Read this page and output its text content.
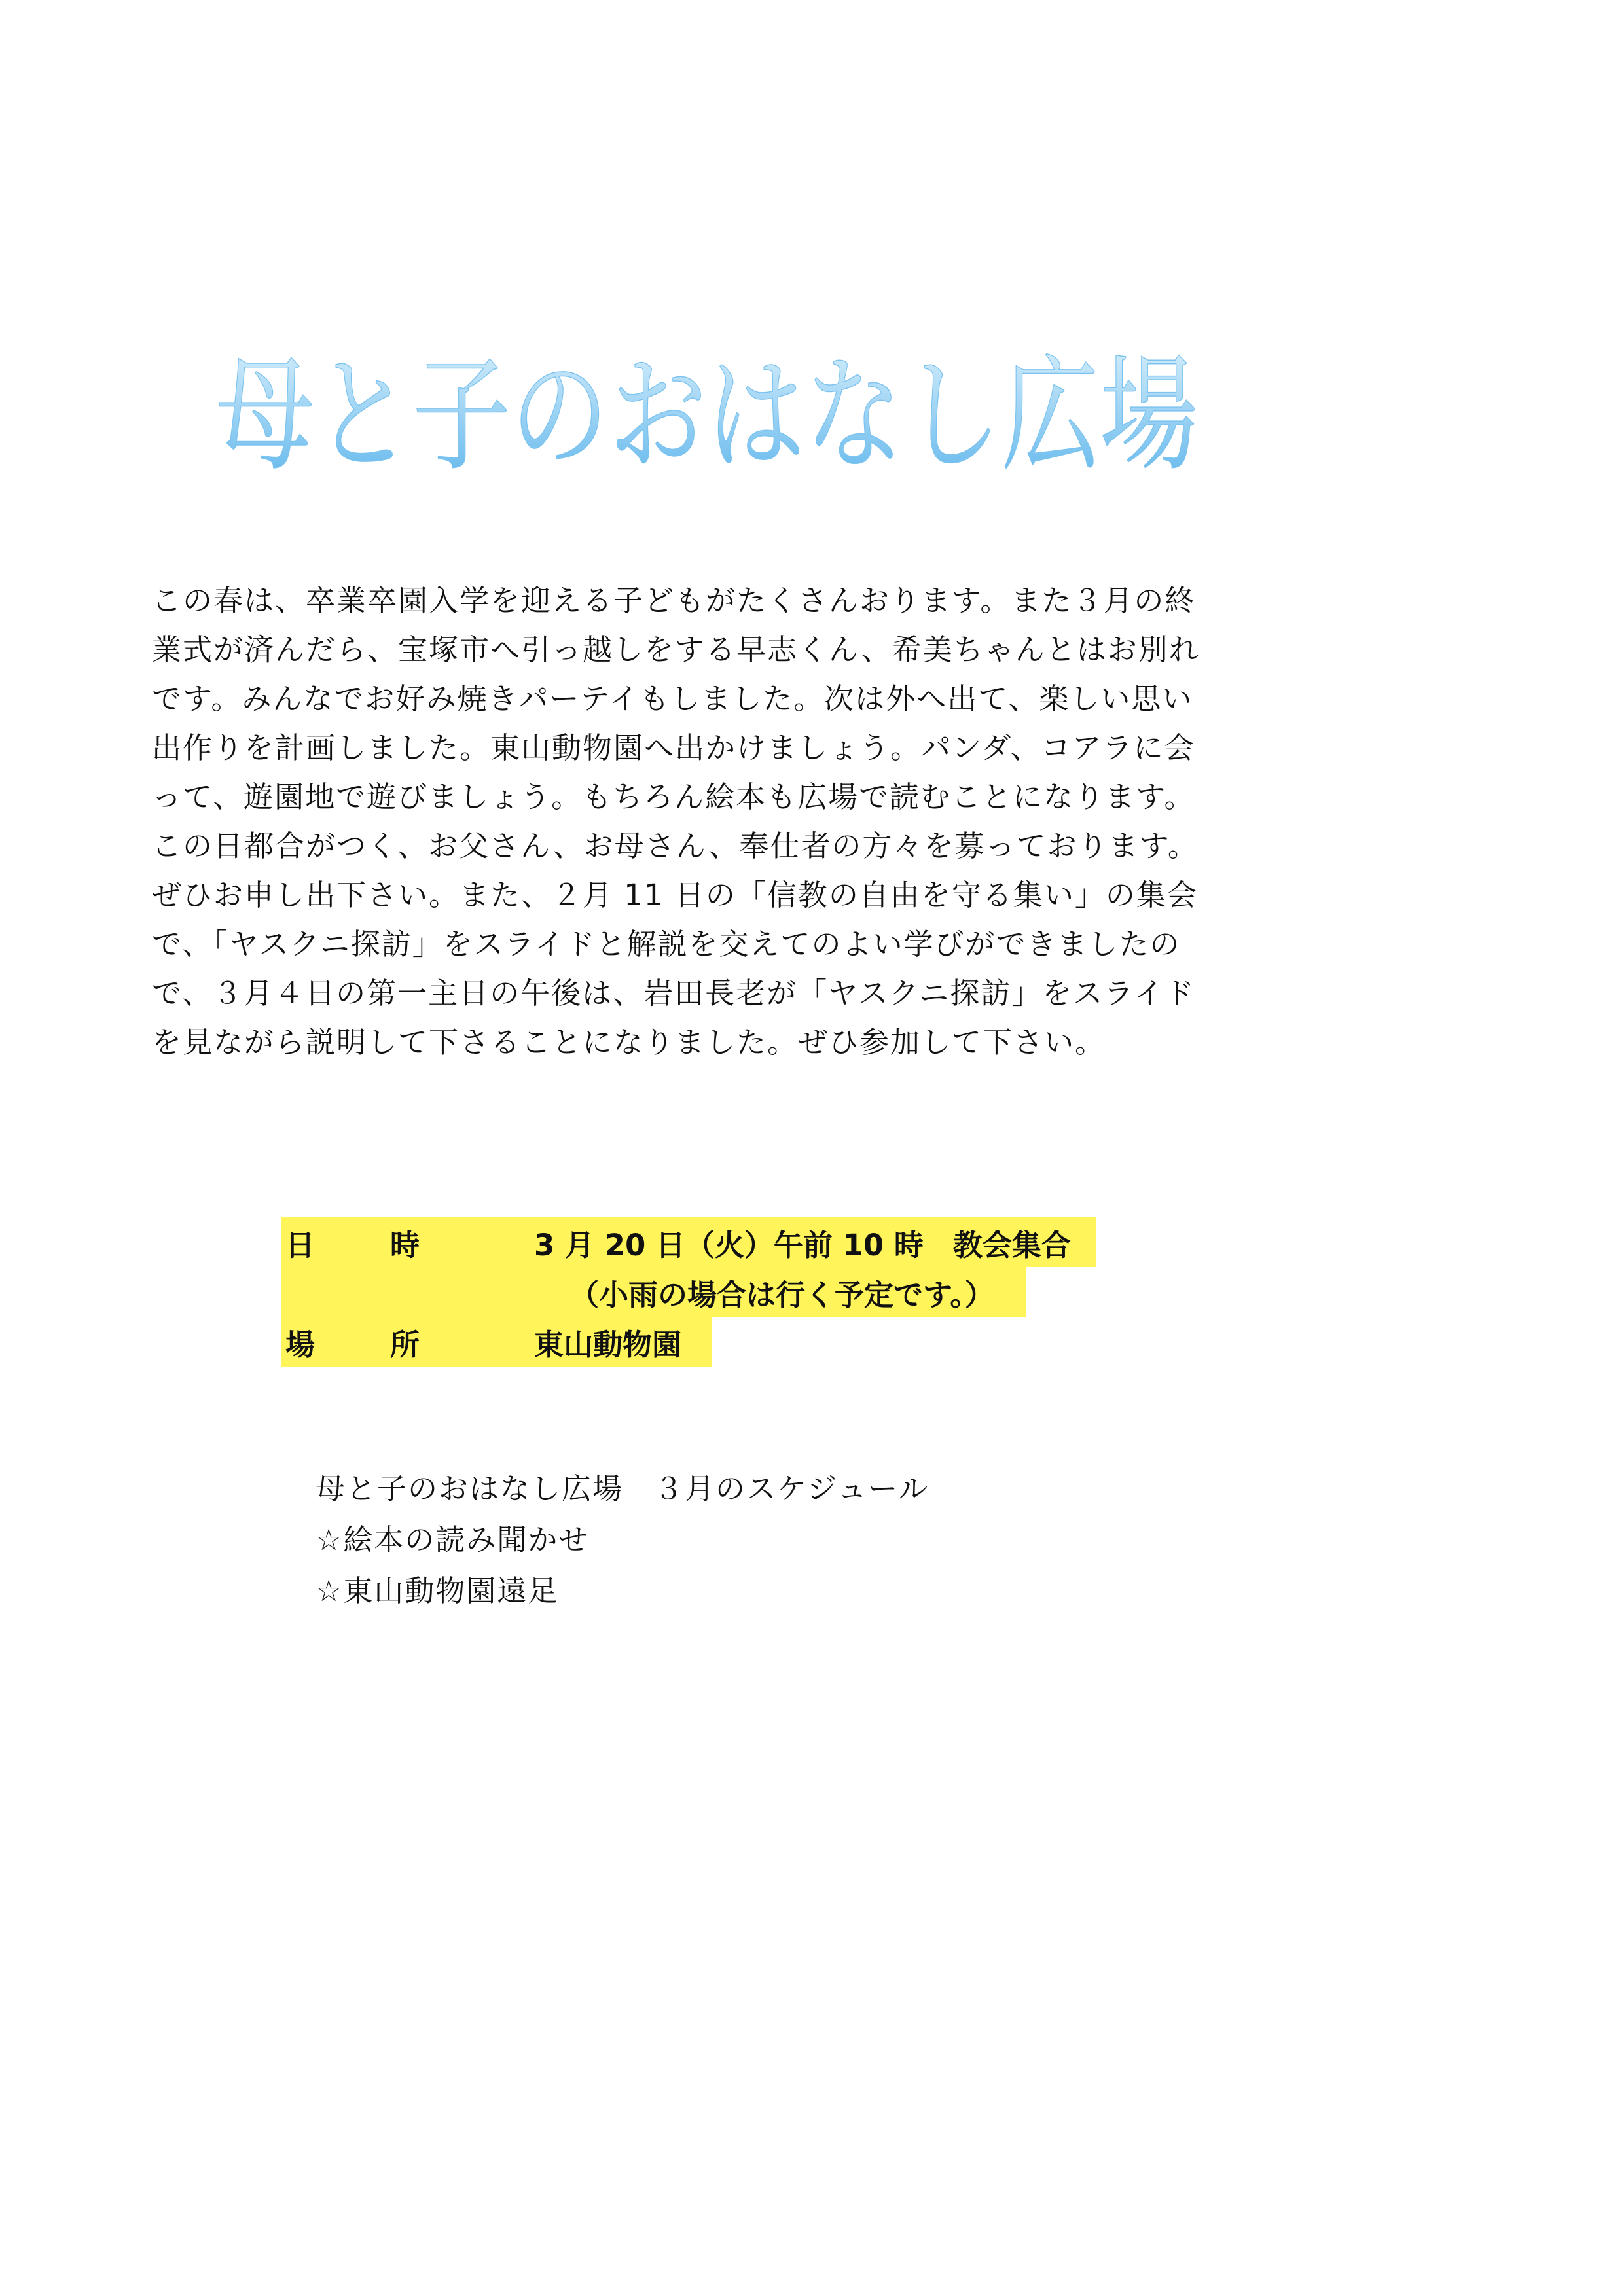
母と子のおはなし広場
この春は、卒業卒園入学を迎える子どもがたくさんおります。また３月の終
業式が済んだら、宝塚市へ引っ越しをする早志くん、希美ちゃんとはお別れ
です。みんなでお好み焼きパーテイもしました。次は外へ出て、楽しい思い
出作りを計画しました。東山動物園へ出かけましょう。パンダ、コアラに会
って、遊園地で遊びましょう。もちろん絵本も広場で読むことになります。
この日都合がつく、お父さん、お母さん、奉仕者の方々を募っております。
ぜひお申し出下さい。また、２月 11 日の「信教の自由を守る集い」の集会
で、「ヤスクニ探訪」をスライドと解説を交えてのよい学びができましたの
で、３月４日の第一主日の午後は、岩田長老が「ヤスクニ探訪」をスライド
を見ながら説明して下さることになりました。ぜひ参加して下さい。
日	時	3 月 20 日（火）午前 10 時　教会集合
（小雨の場合は行く予定です。）
場	所	東山動物園
母と子のおはなし広場　３月のスケジュール
☆絵本の読み聞かせ
☆東山動物園遠足
